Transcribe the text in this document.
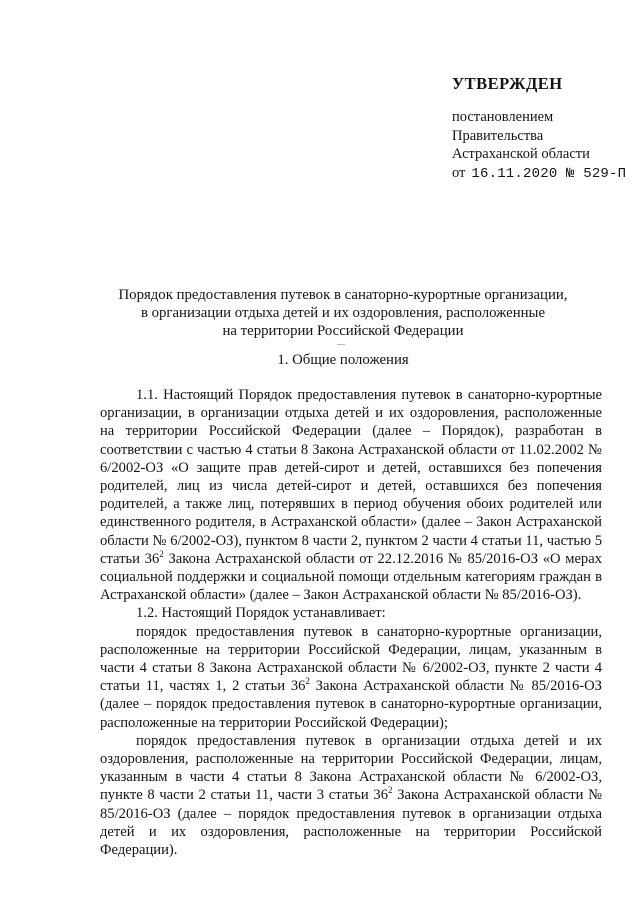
УТВЕРЖДЕН
постановлением
Правительства
Астраханской области
от 16.11.2020 № 529-П
Порядок предоставления путевок в санаторно-курортные организации,
в организации отдыха детей и их оздоровления, расположенные
на территории Российской Федерации
1. Общие положения

1.1. Настоящий Порядок предоставления путевок в санаторно-курортные организации, в организации отдыха детей и их оздоровления, расположенные на территории Российской Федерации (далее – Порядок), разработан в соответствии с частью 4 статьи 8 Закона Астраханской области от 11.02.2002 № 6/2002-ОЗ «О защите прав детей-сирот и детей, оставшихся без попечения родителей, лиц из числа детей-сирот и детей, оставшихся без попечения родителей, а также лиц, потерявших в период обучения обоих родителей или единственного родителя, в Астраханской области» (далее – Закон Астраханской области № 6/2002-ОЗ), пунктом 8 части 2, пунктом 2 части 4 статьи 11, частью 5 статьи $36^2$ Закона Астраханской области от 22.12.2016 № 85/2016-ОЗ «О мерах социальной поддержки и социальной помощи отдельным категориям граждан в Астраханской области» (далее – Закон Астраханской области № 85/2016-ОЗ).

1.2. Настоящий Порядок устанавливает:

порядок предоставления путевок в санаторно-курортные организации, расположенные на территории Российской Федерации, лицам, указанным в части 4 статьи 8 Закона Астраханской области № 6/2002-ОЗ, пункте 2 части 4 статьи 11, частях 1, 2 статьи $36^2$ Закона Астраханской области № 85/2016-ОЗ (далее – порядок предоставления путевок в санаторно-курортные организации, расположенные на территории Российской Федерации);

порядок предоставления путевок в организации отдыха детей и их оздоровления, расположенные на территории Российской Федерации, лицам, указанным в части 4 статьи 8 Закона Астраханской области № 6/2002-ОЗ, пункте 8 части 2 статьи 11, части 3 статьи $36^2$ Закона Астраханской области № 85/2016-ОЗ (далее – порядок предоставления путевок в организации отдыха детей и их оздоровления, расположенные на территории Российской Федерации).
